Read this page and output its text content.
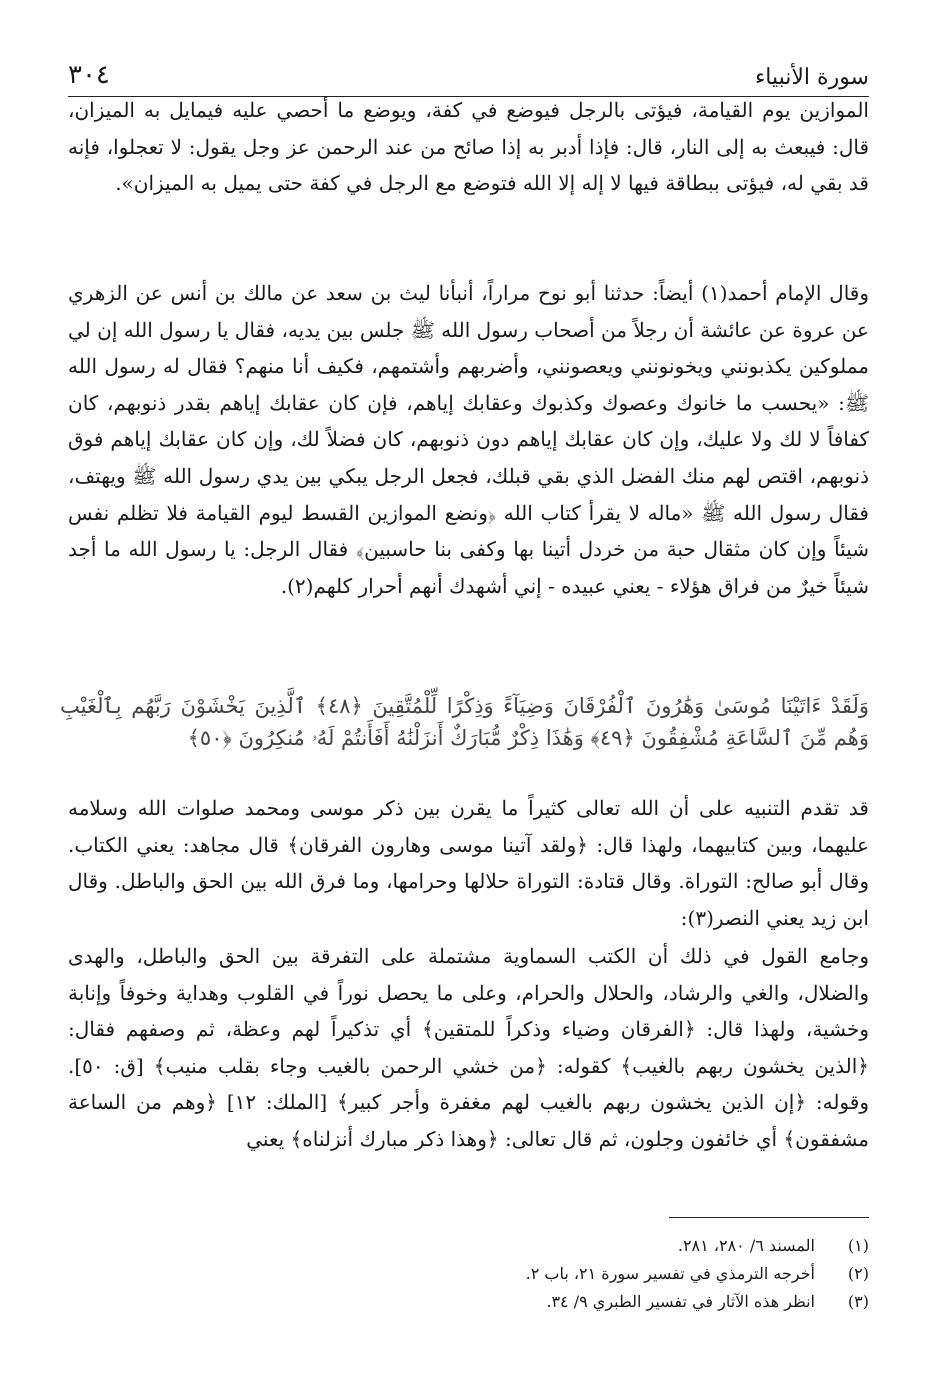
٣٠٤	سورة الأنبياء
الموازين يوم القيامة، فيؤتى بالرجل فيوضع في كفة، ويوضع ما أحصي عليه فيمايل به الميزان، قال: فيبعث به إلى النار، قال: فإذا أدبر به إذا صائح من عند الرحمن عز وجل يقول: لا تعجلوا، فإنه قد بقي له، فيؤتى ببطاقة فيها لا إله إلا الله فتوضع مع الرجل في كفة حتى يميل به الميزان».
وقال الإمام أحمد(١) أيضاً: حدثنا أبو نوح مراراً، أنبأنا ليث بن سعد عن مالك بن أنس عن الزهري عن عروة عن عائشة أن رجلاً من أصحاب رسول الله ﷺ جلس بين يديه، فقال يا رسول الله إن لي مملوكين يكذبونني ويخونونني ويعصونني، وأضربهم وأشتمهم، فكيف أنا منهم؟ فقال له رسول الله ﷺ: «يحسب ما خانوك وعصوك وكذبوك وعقابك إياهم، فإن كان عقابك إياهم بقدر ذنوبهم، كان كفافاً لا لك ولا عليك، وإن كان عقابك إياهم دون ذنوبهم، كان فضلاً لك، وإن كان عقابك إياهم فوق ذنوبهم، اقتص لهم منك الفضل الذي بقي قبلك، فجعل الرجل يبكي بين يدي رسول الله ﷺ ويهتف، فقال رسول الله ﷺ «ماله لا يقرأ كتاب الله ﴿ونضع الموازين القسط ليوم القيامة فلا تظلم نفس شيئاً وإن كان مثقال حبة من خردل أتينا بها وكفى بنا حاسبين﴾ فقال الرجل: يا رسول الله ما أجد شيئاً خيرٌ من فراق هؤلاء - يعني عبيده - إني أشهدك أنهم أحرار كلهم(٢).
وَلَقَدْ ءَاتَيْنَا مُوسَىٰ وَهَٰرُونَ ٱلْفُرْقَانَ وَضِيَآءً وَذِكْرًا لِّلْمُتَّقِينَ ﴿٤٨﴾ ٱلَّذِينَ يَخْشَوْنَ رَبَّهُم بِٱلْغَيْبِ وَهُم مِّنَ ٱلسَّاعَةِ مُشْفِقُونَ ﴿٤٩﴾ وَهَٰذَا ذِكْرٌ مُّبَارَكٌ أَنزَلْنَٰهُ أَفَأَنتُمْ لَهُۥ مُنكِرُونَ ﴿٥٠﴾
قد تقدم التنبيه على أن الله تعالى كثيراً ما يقرن بين ذكر موسى ومحمد صلوات الله وسلامه عليهما، وبين كتابيهما، ولهذا قال: ﴿ولقد آتينا موسى وهارون الفرقان﴾ قال مجاهد: يعني الكتاب. وقال أبو صالح: التوراة. وقال قتادة: التوراة حلالها وحرامها، وما فرق الله بين الحق والباطل. وقال ابن زيد يعني النصر(٣):
وجامع القول في ذلك أن الكتب السماوية مشتملة على التفرقة بين الحق والباطل، والهدى والضلال، والغي والرشاد، والحلال والحرام، وعلى ما يحصل نوراً في القلوب وهداية وخوفاً وإنابة وخشية، ولهذا قال: ﴿الفرقان وضياء وذكراً للمتقين﴾ أي تذكيراً لهم وعظة، ثم وصفهم فقال: ﴿الذين يخشون ربهم بالغيب﴾ كقوله: ﴿من خشي الرحمن بالغيب وجاء بقلب منيب﴾ [ق: ٥٠]. وقوله: ﴿إن الذين يخشون ربهم بالغيب لهم مغفرة وأجر كبير﴾ [الملك: ١٢] ﴿وهم من الساعة مشفقون﴾ أي خائفون وجلون، ثم قال تعالى: ﴿وهذا ذكر مبارك أنزلناه﴾ يعني
(١)
المسند ٦/ ٢٨٠، ٢٨١.
(٢)
أخرجه الترمذي في تفسير سورة ٢١، باب ٢.
(٣)
انظر هذه الآثار في تفسير الطبري ٩/ ٣٤.
